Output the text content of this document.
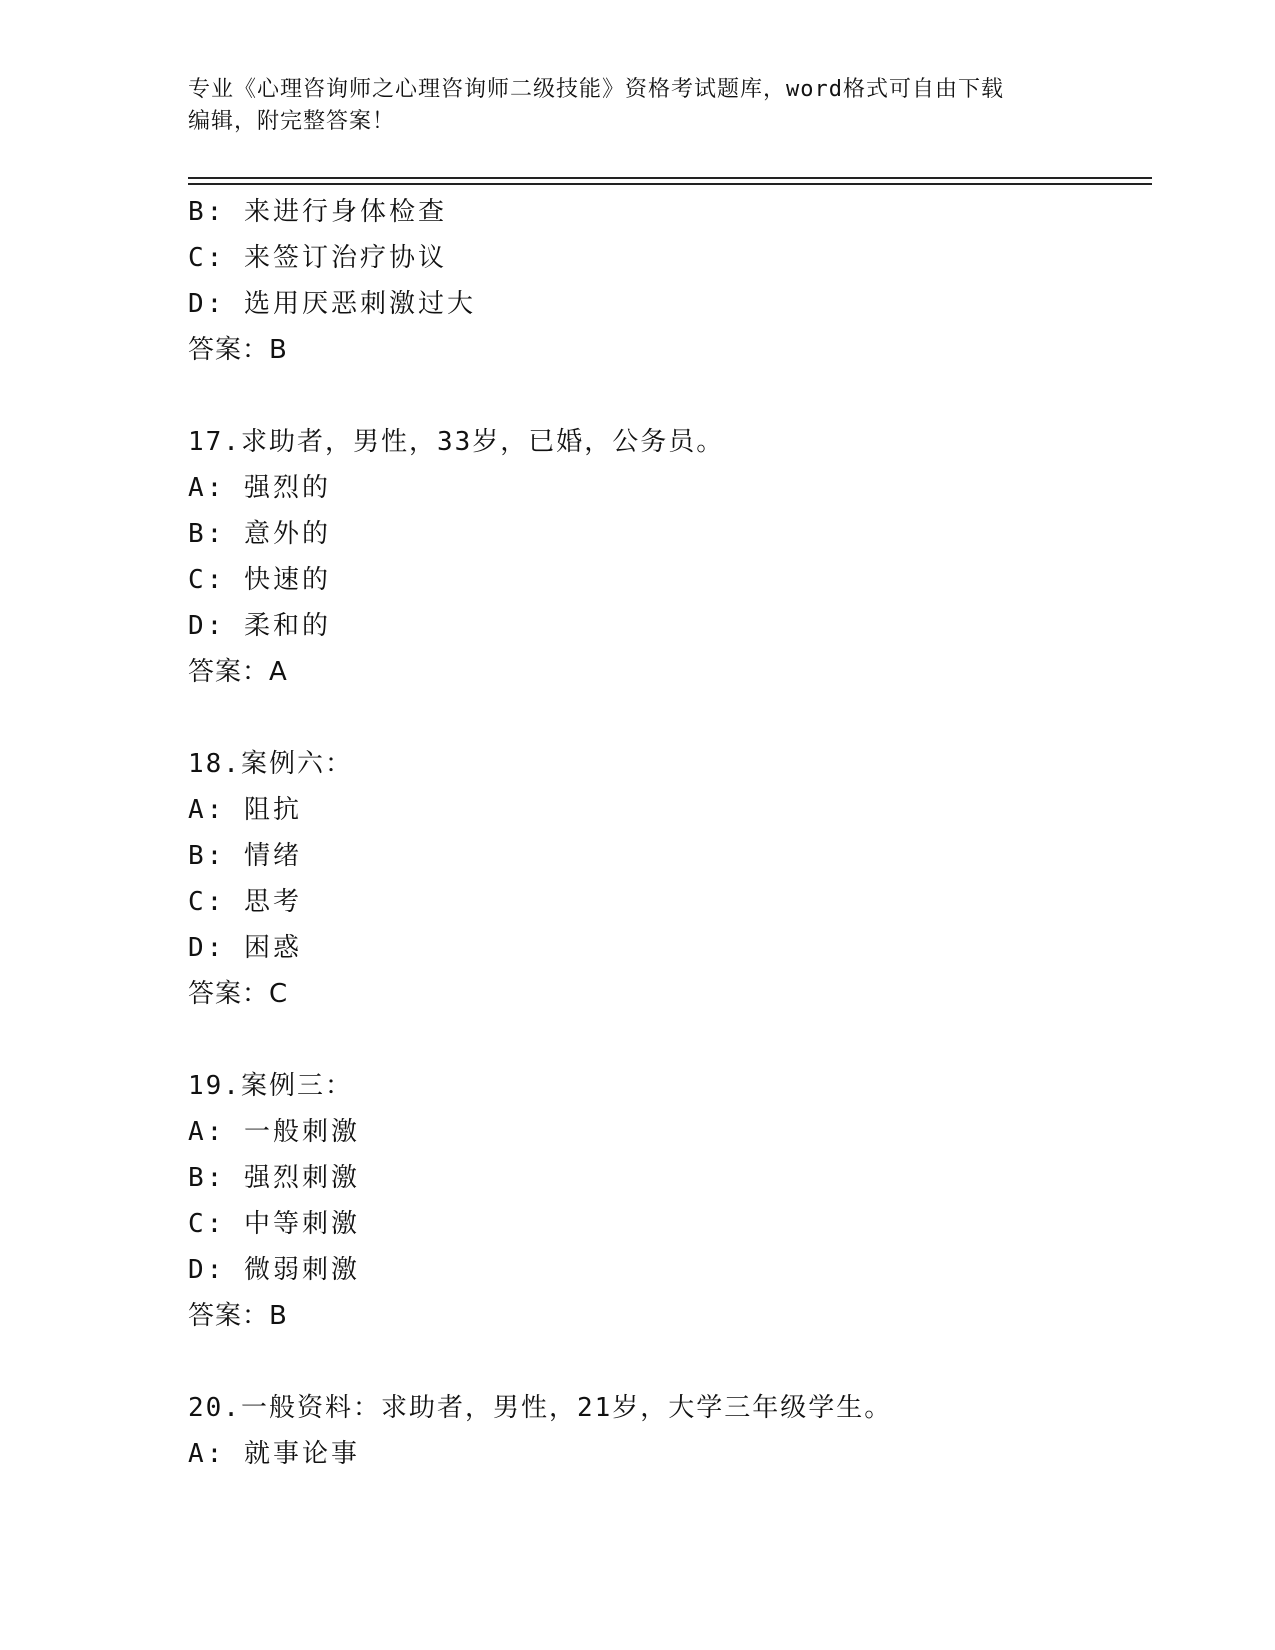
专业《心理咨询师之心理咨询师二级技能》资格考试题库，word格式可自由下载
编辑，附完整答案！
B: 来进行身体检查
C: 来签订治疗协议
D: 选用厌恶刺激过大
答案：B
17.求助者，男性，33岁，已婚，公务员。
A: 强烈的
B: 意外的
C: 快速的
D: 柔和的
答案：A
18.案例六：
A: 阻抗
B: 情绪
C: 思考
D: 困惑
答案：C
19.案例三：
A: 一般刺激
B: 强烈刺激
C: 中等刺激
D: 微弱刺激
答案：B
20.一般资料：求助者，男性，21岁，大学三年级学生。
A: 就事论事
